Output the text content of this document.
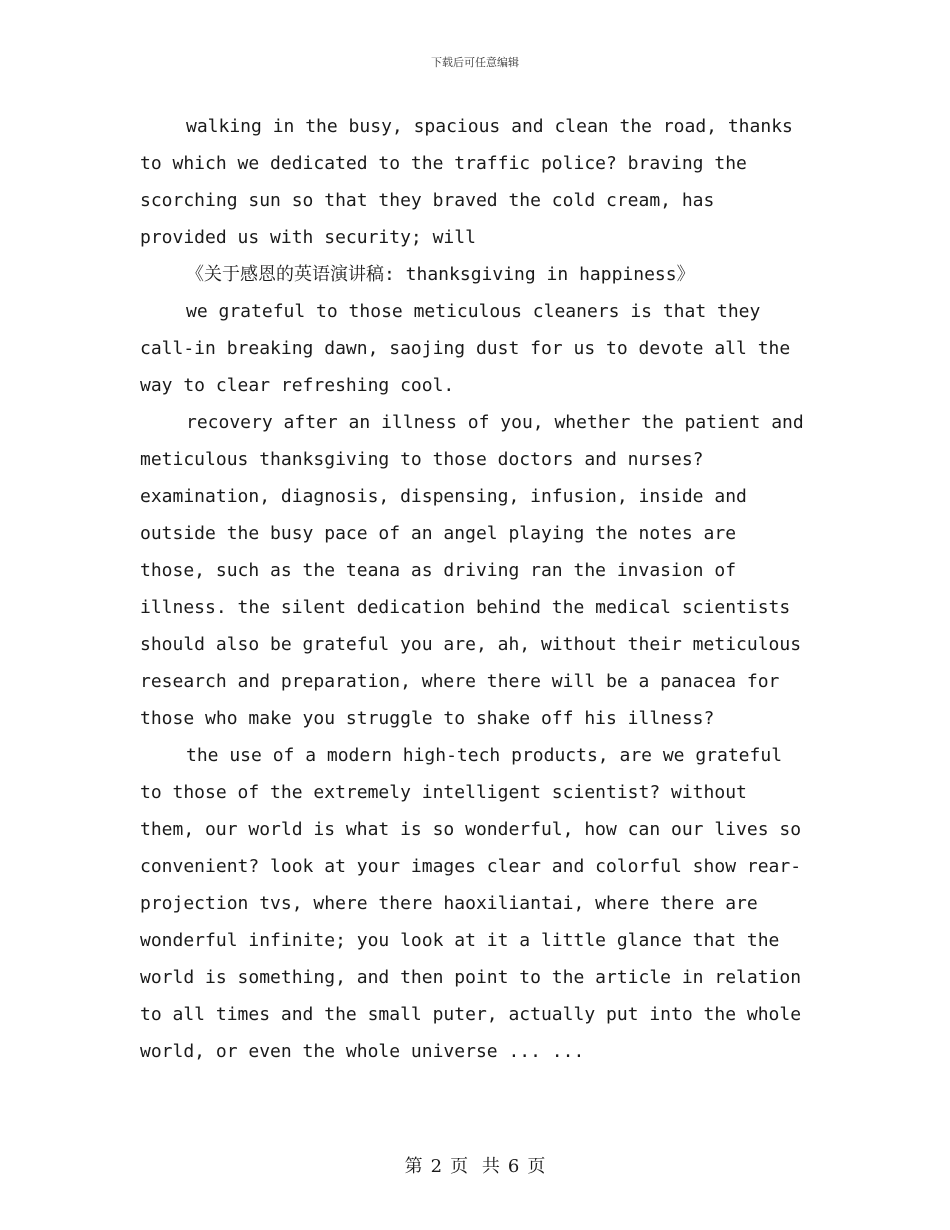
下载后可任意编辑
walking in the busy, spacious and clean the road, thanks
to which we dedicated to the traffic police? braving the
scorching sun so that they braved the cold cream, has
provided us with security; will
《关于感恩的英语演讲稿: thanksgiving in happiness》
we grateful to those meticulous cleaners is that they
call-in breaking dawn, saojing dust for us to devote all the
way to clear refreshing cool.
recovery after an illness of you, whether the patient and
meticulous thanksgiving to those doctors and nurses?
examination, diagnosis, dispensing, infusion, inside and
outside the busy pace of an angel playing the notes are
those, such as the teana as driving ran the invasion of
illness. the silent dedication behind the medical scientists
should also be grateful you are, ah, without their meticulous
research and preparation, where there will be a panacea for
those who make you struggle to shake off his illness?
the use of a modern high-tech products, are we grateful
to those of the extremely intelligent scientist? without
them, our world is what is so wonderful, how can our lives so
convenient? look at your images clear and colorful show rear-
projection tvs, where there haoxiliantai, where there are
wonderful infinite; you look at it a little glance that the
world is something, and then point to the article in relation
to all times and the small puter, actually put into the whole
world, or even the whole universe ... ...
第 2 页 共 6 页
